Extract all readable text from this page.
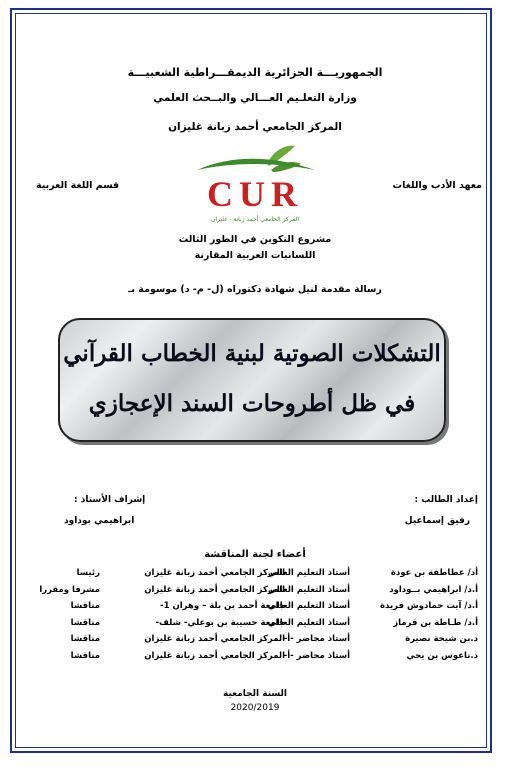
الجمهوريـــة الجزائرية الديمقـــراطية الشعبيـــة
وزارة التعلـيم العـــالي والبــحث العلمي
المركز الجامعي أحمد زبانة غليزان
معهد الأدب واللغات
قسم اللغة العربية CUR
المركز الجامعي أحمد زبانة - غليزان
مشروع التكوين في الطور الثالث
اللسانيات العربية المقارنة
رسالة مقدمة لنيل شهادة دكتوراه (ل- م- د) موسومة بـ
التشكلات الصوتية لبنية الخطاب القرآني
في ظل أطروحات السند الإعجازي
إعداد الطالب :
رفيق إسماعيل
إشراف الأستاذ :
ابراهيمي بوداود
أعضاء لجنة المناقشة
أد/ عطاطفة بن عودة
أستاذ التعليم العالي
المركز الجامعي أحمد زبانة غليزان
رئيسا
أ.د/ ابراهيمي بــوداود
أستاذ التعليم العالي
المركز الجامعي أحمد زبانة غليزان
مشرفا ومقررا
أ.د/ آيت حمادوش فريدة
أستاذ التعليم العالي
جامعة أحمد بن بلة – وهران 1-
مناقشا
أ.د/ طـاطة بن قرماز
أستاذ التعليم العالي
جامعة حسيبة بن بوعلي- شلف-
مناقشا
د.بن شيحة نصيرة
أستاذ محاضر -أ-
المركز الجامعي أحمد زبانة غليزان
مناقشا
د.ناعوس بن يحي
أستاذ محاضر -أ-
المركز الجامعي أحمد زبانة غليزان
مناقشا
السنة الجامعية
2020/2019
